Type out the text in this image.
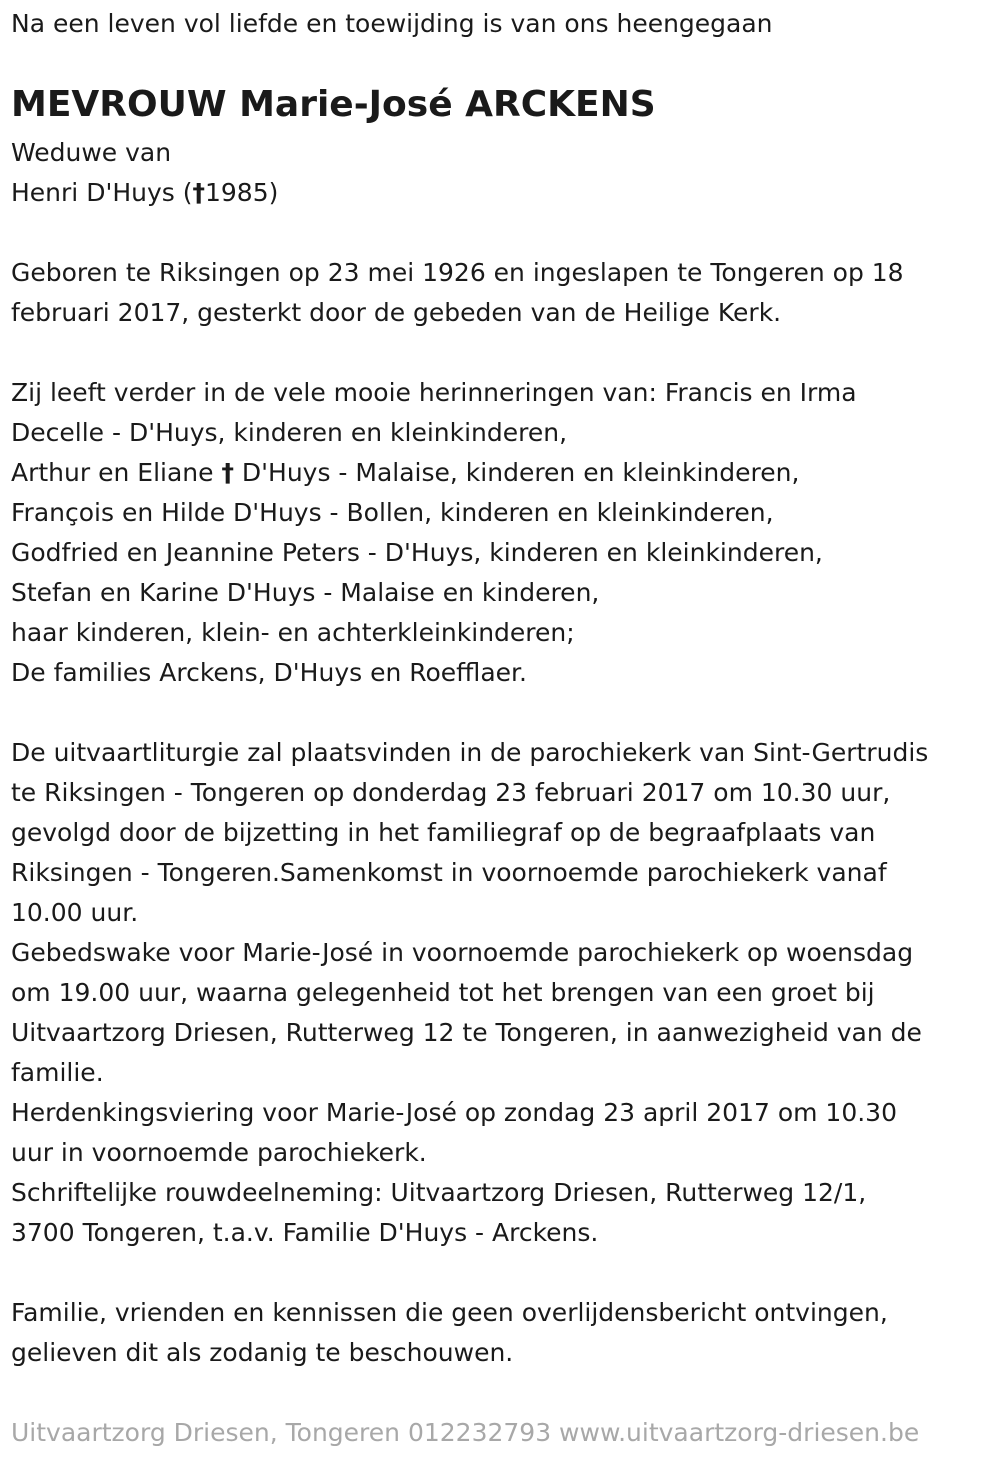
Na een leven vol liefde en toewijding is van ons heengegaan
MEVROUW Marie-José ARCKENS
Weduwe van
Henri D'Huys (†1985)
Geboren te Riksingen op 23 mei 1926 en ingeslapen te Tongeren op 18
februari 2017, gesterkt door de gebeden van de Heilige Kerk.
Zij leeft verder in de vele mooie herinneringen van: Francis en Irma
Decelle - D'Huys, kinderen en kleinkinderen,
Arthur en Eliane † D'Huys - Malaise, kinderen en kleinkinderen,
François en Hilde D'Huys - Bollen, kinderen en kleinkinderen,
Godfried en Jeannine Peters - D'Huys, kinderen en kleinkinderen,
Stefan en Karine D'Huys - Malaise en kinderen,
haar kinderen, klein- en achterkleinkinderen;
De families Arckens, D'Huys en Roefflaer.
De uitvaartliturgie zal plaatsvinden in de parochiekerk van Sint-Gertrudis
te Riksingen - Tongeren op donderdag 23 februari 2017 om 10.30 uur,
gevolgd door de bijzetting in het familiegraf op de begraafplaats van
Riksingen - Tongeren.Samenkomst in voornoemde parochiekerk vanaf
10.00 uur.
Gebedswake voor Marie-José in voornoemde parochiekerk op woensdag
om 19.00 uur, waarna gelegenheid tot het brengen van een groet bij
Uitvaartzorg Driesen, Rutterweg 12 te Tongeren, in aanwezigheid van de
familie.
Herdenkingsviering voor Marie-José op zondag 23 april 2017 om 10.30
uur in voornoemde parochiekerk.
Schriftelijke rouwdeelneming: Uitvaartzorg Driesen, Rutterweg 12/1,
3700 Tongeren, t.a.v. Familie D'Huys - Arckens.
Familie, vrienden en kennissen die geen overlijdensbericht ontvingen,
gelieven dit als zodanig te beschouwen.
Uitvaartzorg Driesen, Tongeren 012232793 www.uitvaartzorg-driesen.be
